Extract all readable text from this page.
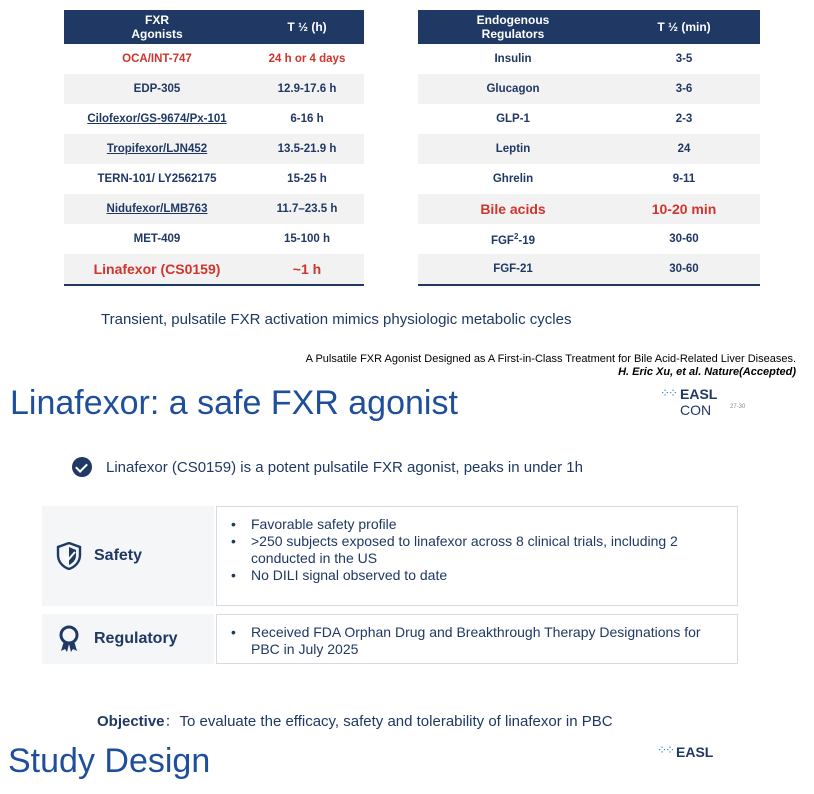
FXR
Agonists	T ½ (h)
OCA/INT-747	24 h or 4 days
EDP-305	12.9-17.6 h
Cilofexor/GS-9674/Px-101	6-16 h
Tropifexor/LJN452	13.5-21.9 h
TERN-101/ LY2562175	15-25 h
Nidufexor/LMB763	11.7–23.5 h
MET-409	15-100 h
Linafexor (CS0159)	~1 h
Endogenous
Regulators	T ½ (min)
Insulin	3-5
Glucagon	3-6
GLP-1	2-3
Leptin	24
Ghrelin	9-11
Bile acids	10-20 min
FGF$^2$-19	30-60
FGF-21	30-60
Transient, pulsatile FXR activation mimics physiologic metabolic cycles
A Pulsatile FXR Agonist Designed as A First-in-Class Treatment for Bile Acid-Related Liver Diseases.
H. Eric Xu, et al. Nature(Accepted)
Linafexor: a safe FXR agonist	⁘⁘ EASL CON	27-30
Linafexor (CS0159) is a potent pulsatile FXR agonist, peaks in under 1h
Safety
• Favorable safety profile
• >250 subjects exposed to linafexor across 8 clinical trials, including 2 conducted in the US
• No DILI signal observed to date
Regulatory
•	Received FDA Orphan Drug and Breakthrough Therapy Designations for PBC in July 2025
Objective：To evaluate the efficacy, safety and tolerability of linafexor in PBC
Study Design	⁘⁘ EASL
